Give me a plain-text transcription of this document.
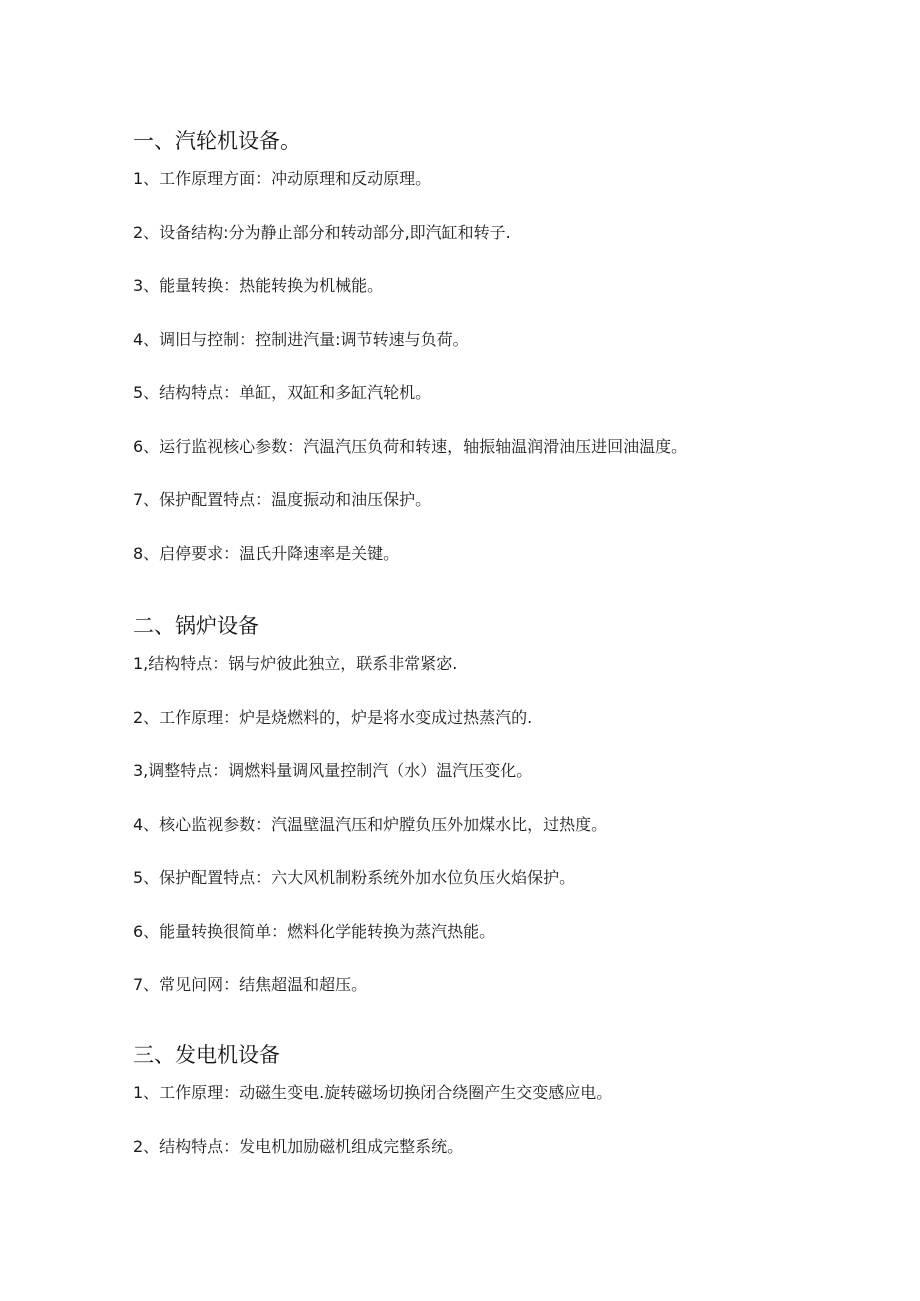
一、汽轮机设备。
1、工作原理方面：冲动原理和反动原理。
2、设备结构:分为静止部分和转动部分,即汽缸和转子.
3、能量转换：热能转换为机械能。
4、调旧与控制：控制进汽量:调节转速与负荷。
5、结构特点：单缸，双缸和多缸汽轮机。
6、运行监视核心参数：汽温汽压负荷和转速，轴振轴温润滑油压进回油温度。
7、保护配置特点：温度振动和油压保护。
8、启停要求：温氏升降速率是关键。
二、锅炉设备
1,结构特点：锅与炉彼此独立，联系非常紧宓.
2、工作原理：炉是烧燃料的，炉是将水变成过热蒸汽的.
3,调整特点：调燃料量调风量控制汽（水）温汽压变化。
4、核心监视参数：汽温壁温汽压和炉膛负压外加煤水比，过热度。
5、保护配置特点：六大风机制粉系统外加水位负压火焰保护。
6、能量转换很简单：燃料化学能转换为蒸汽热能。
7、常见问网：结焦超温和超压。
三、发电机设备
1、工作原理：动磁生变电.旋转磁场切换闭合绕圈产生交变感应电。
2、结构特点：发电机加励磁机组成完整系统。
